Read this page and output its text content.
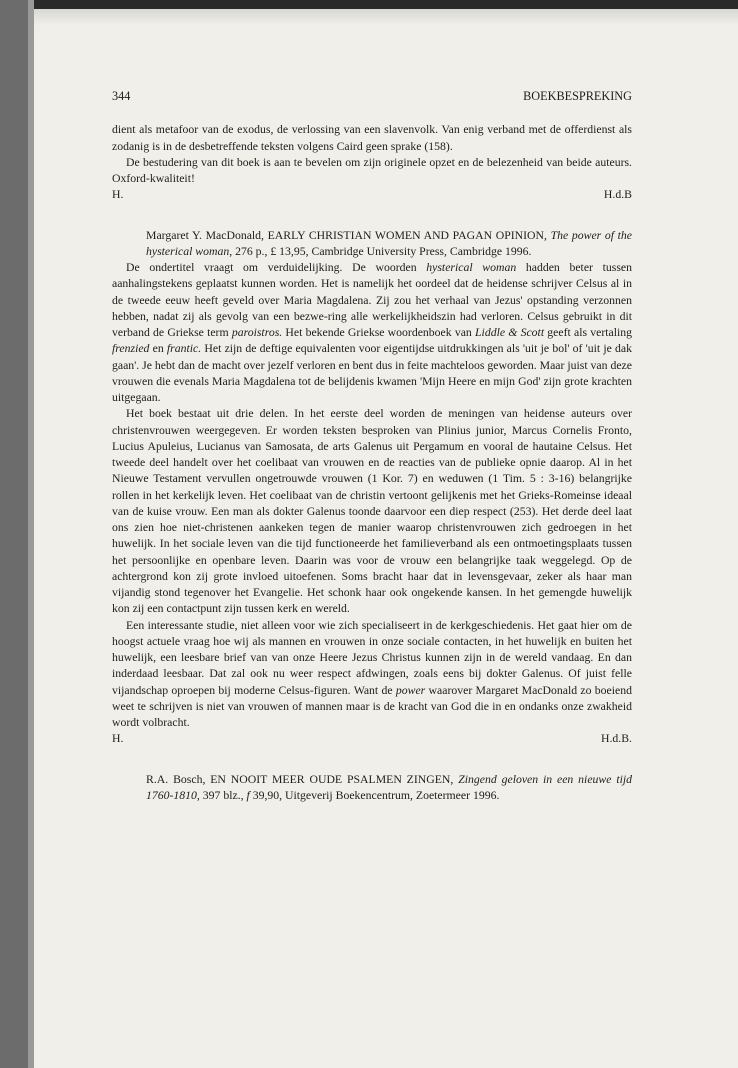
344	BOEKBESPREKING

dient als metafoor van de exodus, de verlossing van een slavenvolk. Van enig verband met de offerdienst als zodanig is in de desbetreffende teksten volgens Caird geen sprake (158).

De bestudering van dit boek is aan te bevelen om zijn originele opzet en de belezenheid van beide auteurs. Oxford-kwaliteit!

H.	H.d.B

Margaret Y. MacDonald, EARLY CHRISTIAN WOMEN AND PAGAN OPINION, The power of the hysterical woman, 276 p., £ 13,95, Cambridge University Press, Cambridge 1996.

De ondertitel vraagt om verduidelijking. De woorden hysterical woman hadden beter tussen aanhalingstekens geplaatst kunnen worden. Het is namelijk het oordeel dat de heidense schrijver Celsus al in de tweede eeuw heeft geveld over Maria Magdalena. Zij zou het verhaal van Jezus' opstanding verzonnen hebben, nadat zij als gevolg van een bezwe-ring alle werkelijkheidszin had verloren. Celsus gebruikt in dit verband de Griekse term paroistros. Het bekende Griekse woordenboek van Liddle & Scott geeft als vertaling frenzied en frantic. Het zijn de deftige equivalenten voor eigentijdse uitdrukkingen als 'uit je bol' of 'uit je dak gaan'. Je hebt dan de macht over jezelf verloren en bent dus in feite machteloos geworden. Maar juist van deze vrouwen die evenals Maria Magdalena tot de belijdenis kwamen 'Mijn Heere en mijn God' zijn grote krachten uitgegaan.

Het boek bestaat uit drie delen. In het eerste deel worden de meningen van heidense auteurs over christenvrouwen weergegeven. Er worden teksten besproken van Plinius junior, Marcus Cornelis Fronto, Lucius Apuleius, Lucianus van Samosata, de arts Galenus uit Pergamum en vooral de hautaine Celsus. Het tweede deel handelt over het coelibaat van vrouwen en de reacties van de publieke opnie daarop. Al in het Nieuwe Testament vervullen ongetrouwde vrouwen (1 Kor. 7) en weduwen (1 Tim. 5 : 3-16) belangrijke rollen in het kerkelijk leven. Het coelibaat van de christin vertoont gelijkenis met het Grieks-Romeinse ideaal van de kuise vrouw. Een man als dokter Galenus toonde daarvoor een diep respect (253). Het derde deel laat ons zien hoe niet-christenen aankeken tegen de manier waarop christenvrouwen zich gedroegen in het huwelijk. In het sociale leven van die tijd functioneerde het familieverband als een ontmoetingsplaats tussen het persoonlijke en openbare leven. Daarin was voor de vrouw een belangrijke taak weggelegd. Op de achtergrond kon zij grote invloed uitoefenen. Soms bracht haar dat in levensgevaar, zeker als haar man vijandig stond tegenover het Evangelie. Het schonk haar ook ongekende kansen. In het gemengde huwelijk kon zij een contactpunt zijn tussen kerk en wereld.

Een interessante studie, niet alleen voor wie zich specialiseert in de kerkgeschiedenis. Het gaat hier om de hoogst actuele vraag hoe wij als mannen en vrouwen in onze sociale contacten, in het huwelijk en buiten het huwelijk, een leesbare brief van van onze Heere Jezus Christus kunnen zijn in de wereld vandaag. En dan inderdaad leesbaar. Dat zal ook nu weer respect afdwingen, zoals eens bij dokter Galenus. Of juist felle vijandschap oproepen bij moderne Celsus-figuren. Want de power waarover Margaret MacDonald zo boeiend weet te schrijven is niet van vrouwen of mannen maar is de kracht van God die in en ondanks onze zwakheid wordt volbracht.

H.	H.d.B.

R.A. Bosch, EN NOOIT MEER OUDE PSALMEN ZINGEN, Zingend geloven in een nieuwe tijd 1760-1810, 397 blz., f 39,90, Uitgeverij Boekencentrum, Zoetermeer 1996.
